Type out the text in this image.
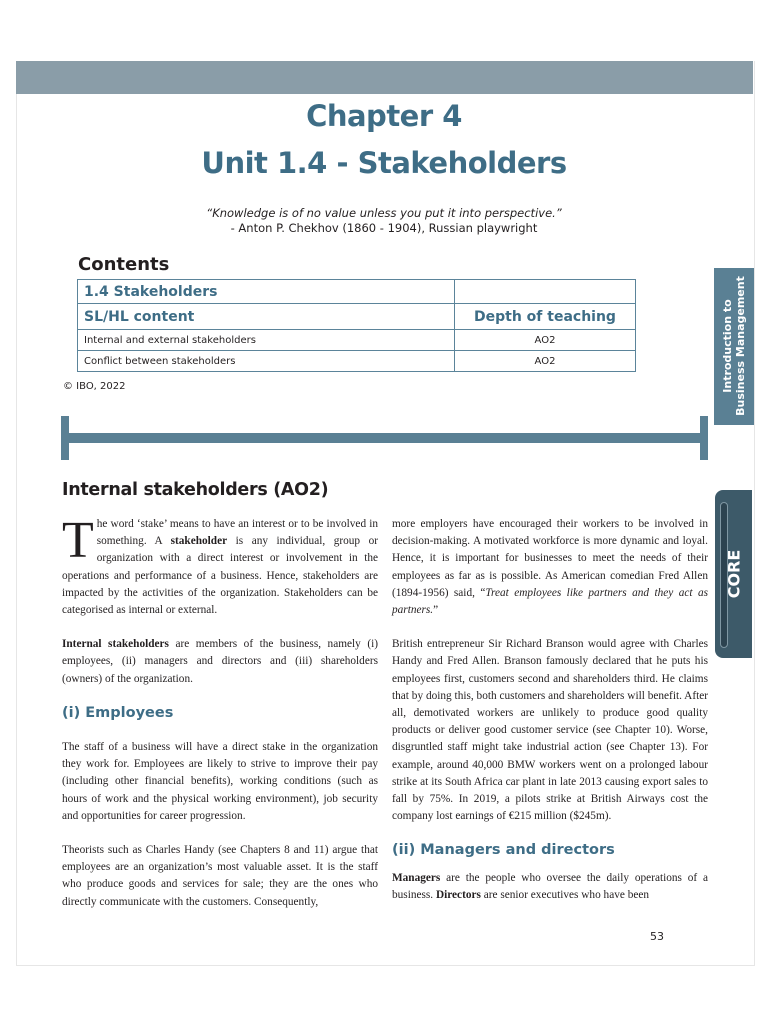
Chapter 4
Unit 1.4 - Stakeholders
“Knowledge is of no value unless you put it into perspective.”
- Anton P. Chekhov (1860 - 1904), Russian playwright
Contents
1.4 Stakeholders	
SL/HL content	Depth of teaching
Internal and external stakeholders	AO2
Conflict between stakeholders	AO2
© IBO, 2022	Introduction to Business Management
CORE
Internal stakeholders (AO2)

The word ‘stake’ means to have an interest or to be involved in something. A stakeholder is any individual, group or organization with a direct interest or involvement in the operations and performance of a business. Hence, stakeholders are impacted by the activities of the organization. Stakeholders can be categorised as internal or external.

Internal stakeholders are members of the business, namely (i) employees, (ii) managers and directors and (iii) shareholders (owners) of the organization.

(i) Employees

The staff of a business will have a direct stake in the organization they work for. Employees are likely to strive to improve their pay (including other financial benefits), working conditions (such as hours of work and the physical working environment), job security and opportunities for career progression.

Theorists such as Charles Handy (see Chapters 8 and 11) argue that employees are an organization’s most valuable asset. It is the staff who produce goods and services for sale; they are the ones who directly communicate with the customers. Consequently,

more employers have encouraged their workers to be involved in decision-making. A motivated workforce is more dynamic and loyal. Hence, it is important for businesses to meet the needs of their employees as far as is possible. As American comedian Fred Allen (1894-1956) said, “Treat employees like partners and they act as partners.”

British entrepreneur Sir Richard Branson would agree with Charles Handy and Fred Allen. Branson famously declared that he puts his employees first, customers second and shareholders third. He claims that by doing this, both customers and shareholders will benefit. After all, demotivated workers are unlikely to produce good quality products or deliver good customer service (see Chapter 10). Worse, disgruntled staff might take industrial action (see Chapter 13). For example, around 40,000 BMW workers went on a prolonged labour strike at its South Africa car plant in late 2013 causing export sales to fall by 75%. In 2019, a pilots strike at British Airways cost the company lost earnings of €215 million ($245m).

(ii) Managers and directors

Managers are the people who oversee the daily operations of a business. Directors are senior executives who have been

53
